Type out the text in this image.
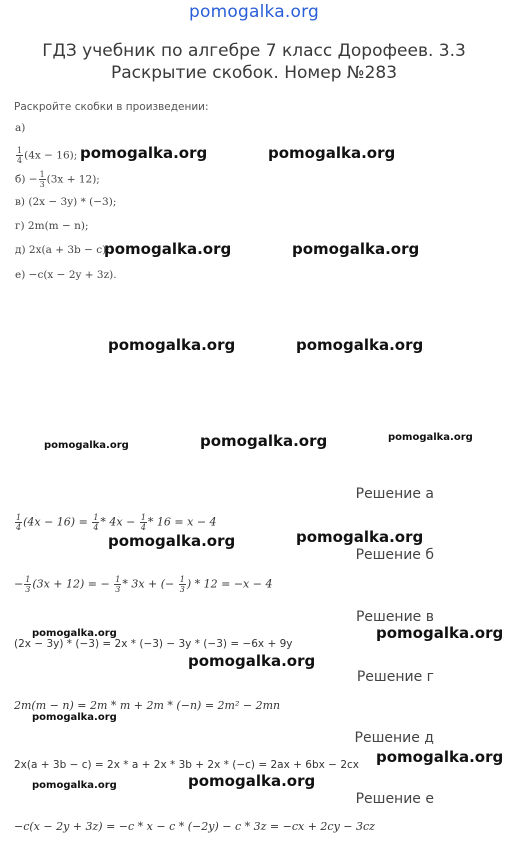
pomogalka.org
ГДЗ учебник по алгебре 7 класс Дорофеев. 3.3 Раскрытие скобок. Номер №283
Раскройте скобки в произведении:
а)
$\frac{1}{4} (4x - 16)$;
$б) - \frac{1}{3} (3x + 12)$;
в) (2x − 3y) * (−3);
г) 2m(m − n);
д) 2x(a + 3b − c);
е) −c(x − 2y + 3z).
Решение а
$\frac{1}{4} (4x - 16) = \frac{1}{4} * 4x - \frac{1}{4} * 16 = x - 4$
Решение б
− $\frac{1}{3} (3x + 12)$ = − $\frac{1}{3} * 3x$ + (− $\frac{1}{3}$ ) * 12 = −x − 4
Решение в
(2x − 3y) * (−3) = 2x * (−3) − 3y * (−3) = −6x + 9y
Решение г
2m(m − n) = 2m * m + 2m * (−n) = 2m² − 2mn
Решение д
2x(a + 3b − c) = 2x * a + 2x * 3b + 2x * (−c) = 2ax + 6bx − 2cx
Решение е
−c(x − 2y + 3z) = −c * x − c * (−2y) − c * 3z = −cx + 2cy − 3cz
pomogalka.org	pomogalka.org
pomogalka.org	pomogalka.org
pomogalka.org	pomogalka.org
pomogalka.org	pomogalka.org	pomogalka.org
pomogalka.org	pomogalka.org
pomogalka.org	pomogalka.org
pomogalka.org
pomogalka.org
pomogalka.org
pomogalka.org
pomogalka.org
